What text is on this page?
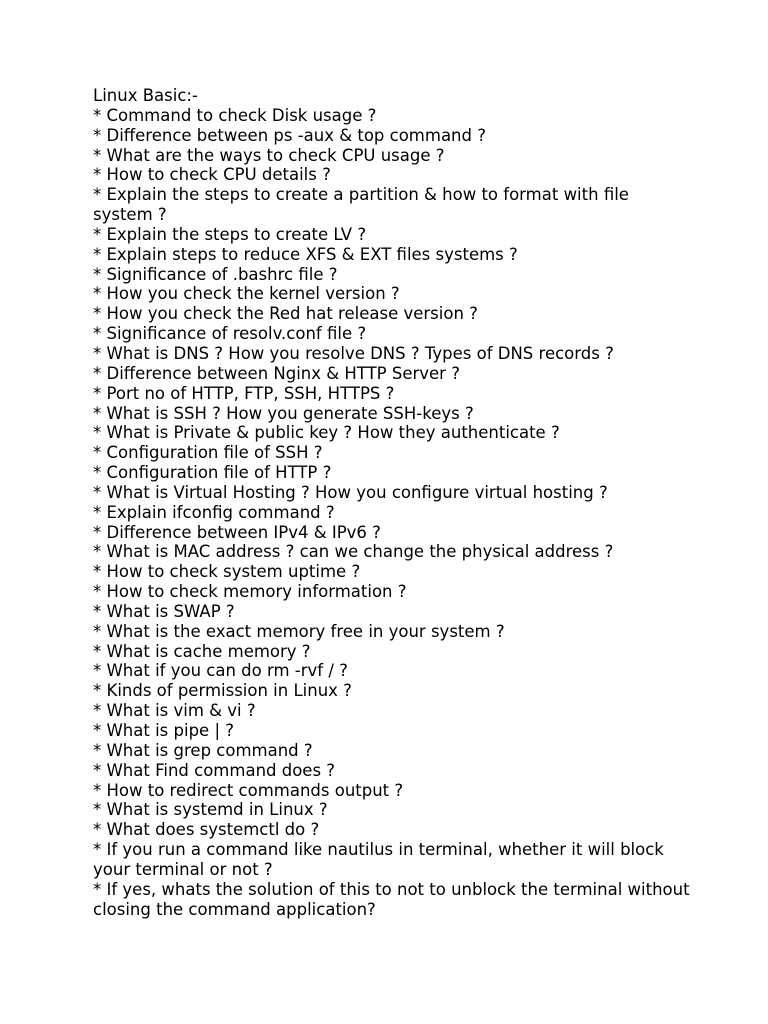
Linux Basic:-

* Command to check Disk usage ?

* Difference between ps -aux & top command ?

* What are the ways to check CPU usage ?

* How to check CPU details ?

* Explain the steps to create a partition & how to format with file system ?

* Explain the steps to create LV ?

* Explain steps to reduce XFS & EXT files systems ?

* Significance of .bashrc file ?

* How you check the kernel version ?

* How you check the Red hat release version ?

* Significance of resolv.conf file ?

* What is DNS ? How you resolve DNS ? Types of DNS records ?

* Difference between Nginx & HTTP Server ?

* Port no of HTTP, FTP, SSH, HTTPS ?

* What is SSH ? How you generate SSH-keys ?

* What is Private & public key ? How they authenticate ?

* Configuration file of SSH ?

* Configuration file of HTTP ?

* What is Virtual Hosting ? How you configure virtual hosting ?

* Explain ifconfig command ?

* Difference between IPv4 & IPv6 ?

* What is MAC address ? can we change the physical address ?

* How to check system uptime ?

* How to check memory information ?

* What is SWAP ?

* What is the exact memory free in your system ?

* What is cache memory ?

* What if you can do rm -rvf / ?

* Kinds of permission in Linux ?

* What is vim & vi ?

* What is pipe | ?

* What is grep command ?

* What Find command does ?

* How to redirect commands output ?

* What is systemd in Linux ?

* What does systemctl do ?

* If you run a command like nautilus in terminal, whether it will block your terminal or not ?

* If yes, whats the solution of this to not to unblock the terminal without closing the command application?
